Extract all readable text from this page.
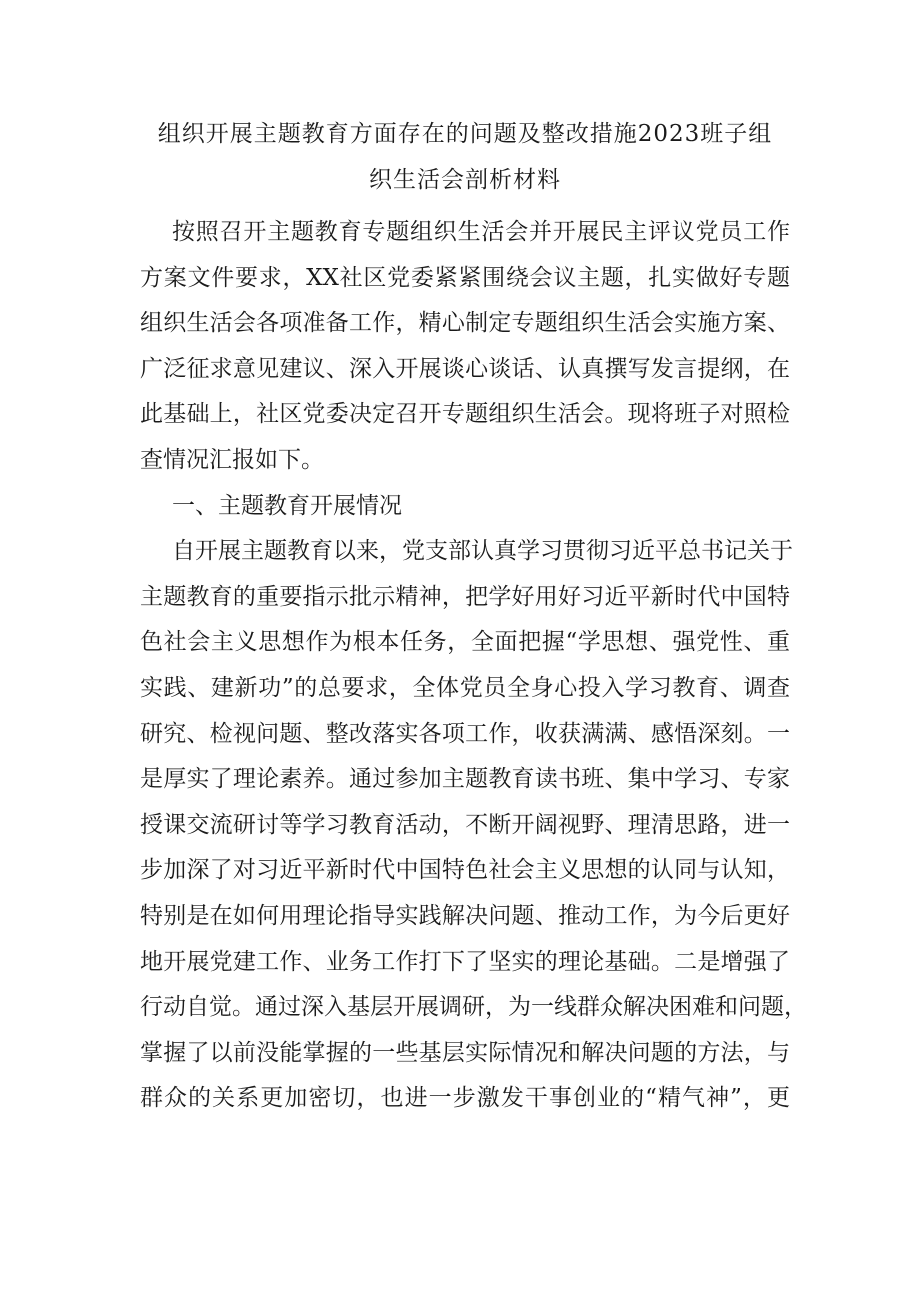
组织开展主题教育方面存在的问题及整改措施2023班子组
织生活会剖析材料
按照召开主题教育专题组织生活会并开展民主评议党员工作
方案文件要求，XX社区党委紧紧围绕会议主题，扎实做好专题
组织生活会各项准备工作，精心制定专题组织生活会实施方案、
广泛征求意见建议、深入开展谈心谈话、认真撰写发言提纲，在
此基础上，社区党委决定召开专题组织生活会。现将班子对照检
查情况汇报如下。
一、主题教育开展情况
自开展主题教育以来，党支部认真学习贯彻习近平总书记关于
主题教育的重要指示批示精神，把学好用好习近平新时代中国特
色社会主义思想作为根本任务，全面把握“学思想、强党性、重
实践、建新功”的总要求，全体党员全身心投入学习教育、调查
研究、检视问题、整改落实各项工作，收获满满、感悟深刻。一
是厚实了理论素养。通过参加主题教育读书班、集中学习、专家
授课交流研讨等学习教育活动，不断开阔视野、理清思路，进一
步加深了对习近平新时代中国特色社会主义思想的认同与认知，
特别是在如何用理论指导实践解决问题、推动工作，为今后更好
地开展党建工作、业务工作打下了坚实的理论基础。二是增强了
行动自觉。通过深入基层开展调研，为一线群众解决困难和问题，
掌握了以前没能掌握的一些基层实际情况和解决问题的方法，与
群众的关系更加密切，也进一步激发干事创业的“精气神”，更
